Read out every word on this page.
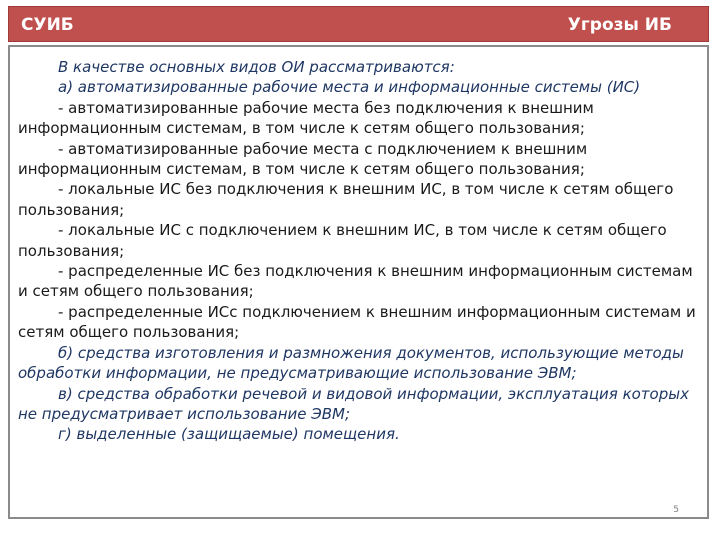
СУИБ	Угрозы ИБ

В качестве основных видов ОИ рассматриваются:

а) автоматизированные рабочие места и информационные системы (ИС)

- автоматизированные рабочие места без подключения к внешним информационным системам, в том числе к сетям общего пользования;

- автоматизированные рабочие места с подключением к внешним информационным системам, в том числе к сетям общего пользования;

- локальные ИС без подключения к внешним ИС, в том числе к сетям общего пользования;

- локальные ИС с подключением к внешним ИС, в том числе к сетям общего пользования;

- распределенные ИС без подключения к внешним информационным системам и сетям общего пользования;

- распределенные ИСс подключением к внешним информационным системам и сетям общего пользования;

б) средства изготовления и размножения документов, использующие методы обработки информации, не предусматривающие использование ЭВМ;

в) средства обработки речевой и видовой информации, эксплуатация которых не предусматривает использование ЭВМ;

г) выделенные (защищаемые) помещения.

5
